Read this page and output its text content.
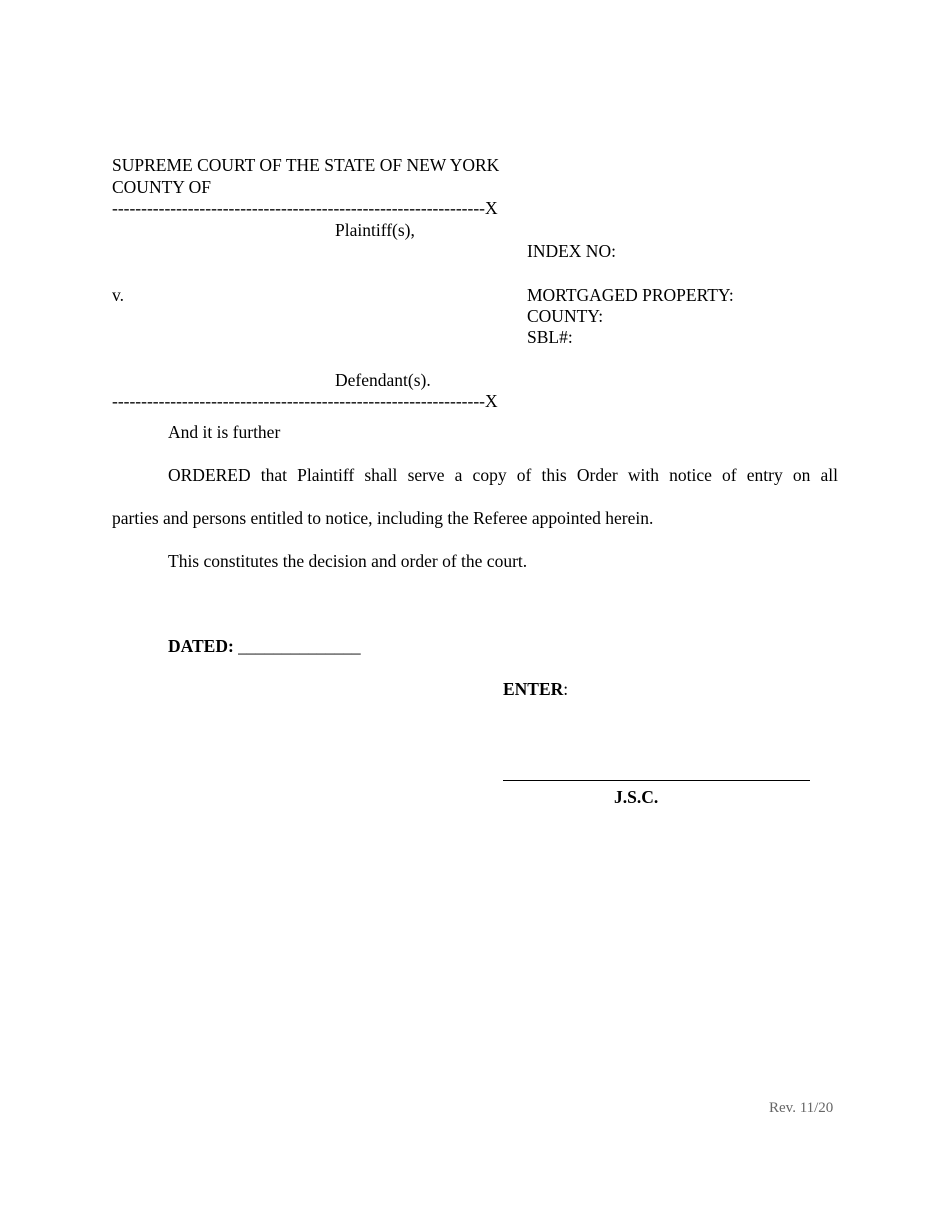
SUPREME COURT OF THE STATE OF NEW YORK
COUNTY OF
----------------------------------------------------------------X
Plaintiff(s),
INDEX NO:
v.	MORTGAGED PROPERTY:
COUNTY:
SBL#:
Defendant(s).
----------------------------------------------------------------X
And it is further
ORDERED that Plaintiff shall serve a copy of this Order with notice of entry on all
parties and persons entitled to notice, including the Referee appointed herein.
This constitutes the decision and order of the court.
DATED: ______________
ENTER:
J.S.C.
Rev. 11/20
